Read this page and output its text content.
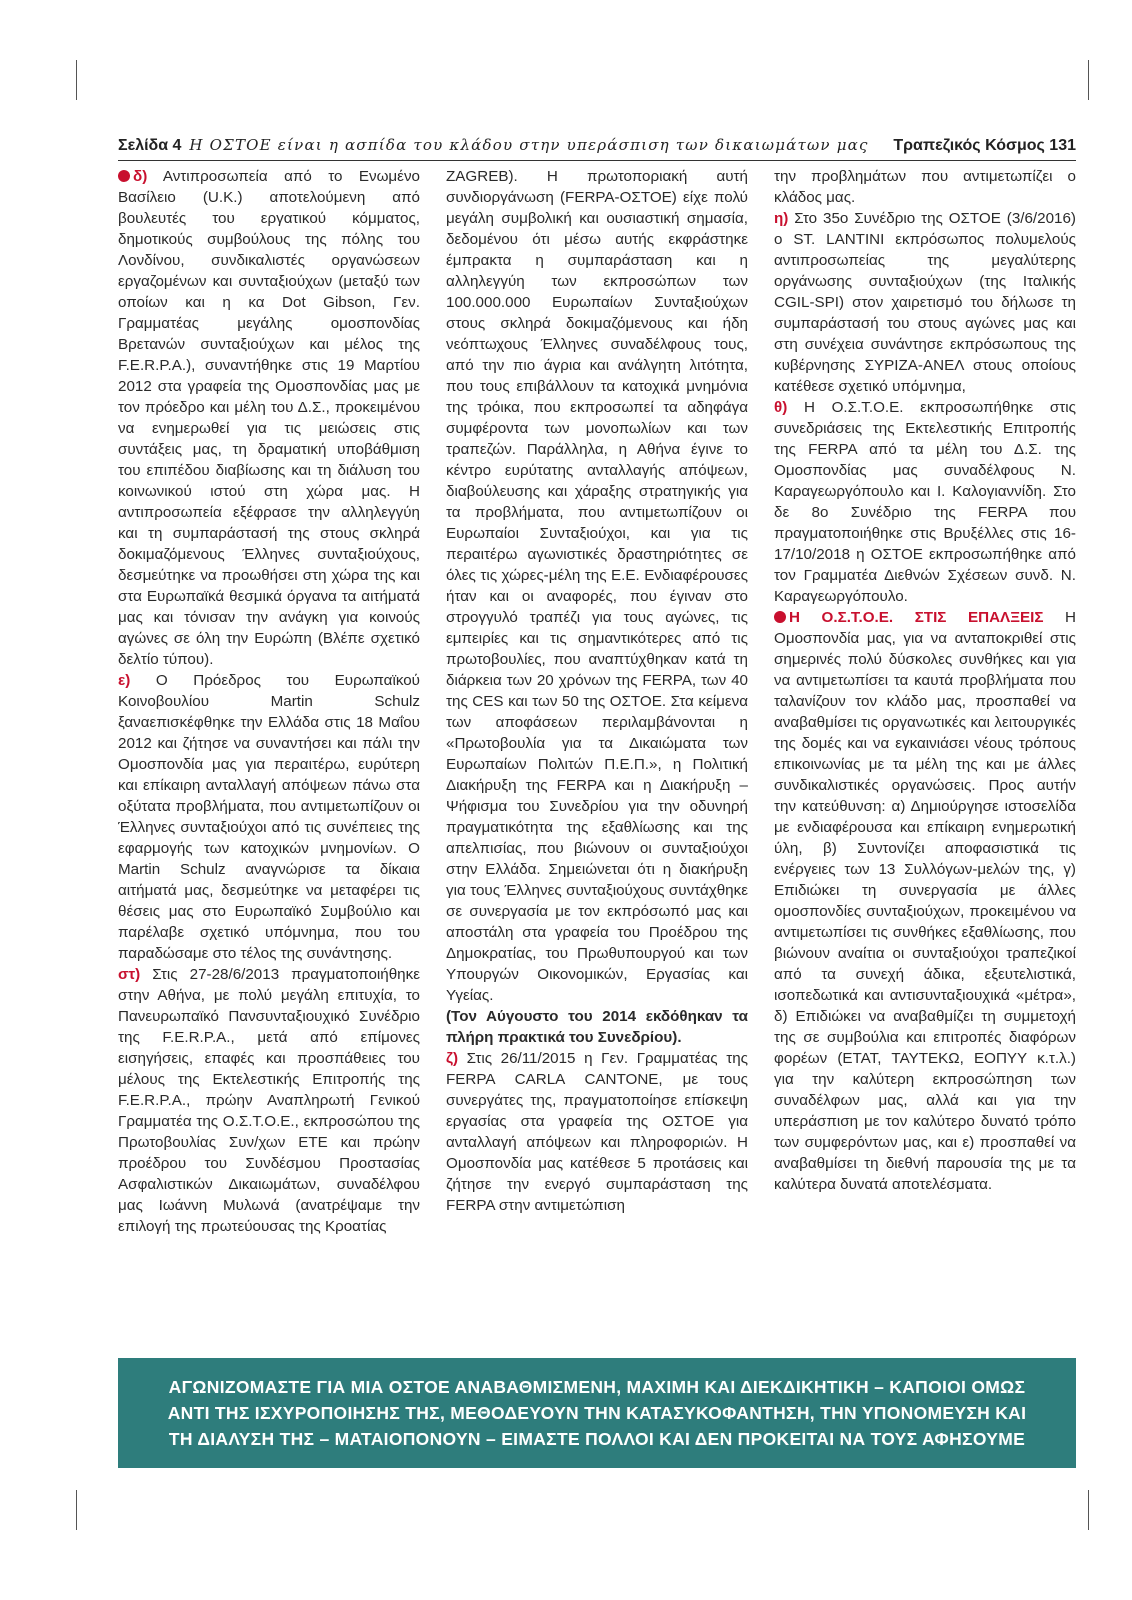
Σελίδα 4 Η ΟΣΤΟΕ είναι η ασπίδα του κλάδου στην υπεράσπιση των δικαιωμάτων μας	Τραπεζικός Κόσμος 131

δ) Αντιπροσωπεία από το Ενωμένο Βασίλειο (U.K.) αποτελούμενη από βουλευτές του εργατικού κόμματος, δημοτικούς συμβούλους της πόλης του Λονδίνου, συνδικαλιστές οργανώσεων εργαζομένων και συνταξιούχων (μεταξύ των οποίων και η κα Dot Gibson, Γεν. Γραμματέας μεγάλης ομοσπονδίας Βρετανών συνταξιούχων και μέλος της F.E.R.P.A.), συναντήθηκε στις 19 Μαρτίου 2012 στα γραφεία της Ομοσπονδίας μας με τον πρόεδρο και μέλη του Δ.Σ., προκειμένου να ενημερωθεί για τις μειώσεις στις συντάξεις μας, τη δραματική υποβάθμιση του επιπέδου διαβίωσης και τη διάλυση του κοινωνικού ιστού στη χώρα μας. Η αντιπροσωπεία εξέφρασε την αλληλεγγύη και τη συμπαράστασή της στους σκληρά δοκιμαζόμενους Έλληνες συνταξιούχους, δεσμεύτηκε να προωθήσει στη χώρα της και στα Ευρωπαϊκά θεσμικά όργανα τα αιτήματά μας και τόνισαν την ανάγκη για κοινούς αγώνες σε όλη την Ευρώπη (Βλέπε σχετικό δελτίο τύπου).

ε) Ο Πρόεδρος του Ευρωπαϊκού Κοινοβουλίου Martin Schulz ξαναεπισκέφθηκε την Ελλάδα στις 18 Μαΐου 2012 και ζήτησε να συναντήσει και πάλι την Ομοσπονδία μας για περαιτέρω, ευρύτερη και επίκαιρη ανταλλαγή απόψεων πάνω στα οξύτατα προβλήματα, που αντιμετωπίζουν οι Έλληνες συνταξιούχοι από τις συνέπειες της εφαρμογής των κατοχικών μνημονίων. Ο Martin Schulz αναγνώρισε τα δίκαια αιτήματά μας, δεσμεύτηκε να μεταφέρει τις θέσεις μας στο Ευρωπαϊκό Συμβούλιο και παρέλαβε σχετικό υπόμνημα, που του παραδώσαμε στο τέλος της συνάντησης.

στ) Στις 27-28/6/2013 πραγματοποιήθηκε στην Αθήνα, με πολύ μεγάλη επιτυχία, το Πανευρωπαϊκό Πανσυνταξιουχικό Συνέδριο της F.E.R.P.A., μετά από επίμονες εισηγήσεις, επαφές και προσπάθειες του μέλους της Εκτελεστικής Επιτροπής της F.E.R.P.A., πρώην Αναπληρωτή Γενικού Γραμματέα της Ο.Σ.Τ.Ο.Ε., εκπροσώπου της Πρωτοβουλίας Συν/χων ΕΤΕ και πρώην προέδρου του Συνδέσμου Προστασίας Ασφαλιστικών Δικαιωμάτων, συναδέλφου μας Ιωάννη Μυλωνά (ανατρέψαμε την επιλογή της πρωτεύουσας της Κροατίας

ZAGREB). Η πρωτοποριακή αυτή συνδιοργάνωση (FERPA-ΟΣΤΟΕ) είχε πολύ μεγάλη συμβολική και ουσιαστική σημασία, δεδομένου ότι μέσω αυτής εκφράστηκε έμπρακτα η συμπαράσταση και η αλληλεγγύη των εκπροσώπων των 100.000.000 Ευρωπαίων Συνταξιούχων στους σκληρά δοκιμαζόμενους και ήδη νεόπτωχους Έλληνες συναδέλφους τους, από την πιο άγρια και ανάλγητη λιτότητα, που τους επιβάλλουν τα κατοχικά μνημόνια της τρόικα, που εκπροσωπεί τα αδηφάγα συμφέροντα των μονοπωλίων και των τραπεζών. Παράλληλα, η Αθήνα έγινε το κέντρο ευρύτατης ανταλλαγής απόψεων, διαβούλευσης και χάραξης στρατηγικής για τα προβλήματα, που αντιμετωπίζουν οι Ευρωπαίοι Συνταξιούχοι, και για τις περαιτέρω αγωνιστικές δραστηριότητες σε όλες τις χώρες-μέλη της Ε.Ε. Ενδιαφέρουσες ήταν και οι αναφορές, που έγιναν στο στρογγυλό τραπέζι για τους αγώνες, τις εμπειρίες και τις σημαντικότερες από τις πρωτοβουλίες, που αναπτύχθηκαν κατά τη διάρκεια των 20 χρόνων της FERPA, των 40 της CES και των 50 της ΟΣΤΟΕ. Στα κείμενα των αποφάσεων περιλαμβάνονται η «Πρωτοβουλία για τα Δικαιώματα των Ευρωπαίων Πολιτών Π.Ε.Π.», η Πολιτική Διακήρυξη της FERPA και η Διακήρυξη – Ψήφισμα του Συνεδρίου για την οδυνηρή πραγματικότητα της εξαθλίωσης και της απελπισίας, που βιώνουν οι συνταξιούχοι στην Ελλάδα. Σημειώνεται ότι η διακήρυξη για τους Έλληνες συνταξιούχους συντάχθηκε σε συνεργασία με τον εκπρόσωπό μας και αποστάλη στα γραφεία του Προέδρου της Δημοκρατίας, του Πρωθυπουργού και των Υπουργών Οικονομικών, Εργασίας και Υγείας.

(Τον Αύγουστο του 2014 εκδόθηκαν τα πλήρη πρακτικά του Συνεδρίου).

ζ) Στις 26/11/2015 η Γεν. Γραμματέας της FERPA CARLA CANTONE, με τους συνεργάτες της, πραγματοποίησε επίσκεψη εργασίας στα γραφεία της ΟΣΤΟΕ για ανταλλαγή απόψεων και πληροφοριών. Η Ομοσπονδία μας κατέθεσε 5 προτάσεις και ζήτησε την ενεργό συμπαράσταση της FERPA στην αντιμετώπιση

την προβλημάτων που αντιμετωπίζει ο κλάδος μας.

η) Στο 35ο Συνέδριο της ΟΣΤΟΕ (3/6/2016) ο ST. LANTINI εκπρόσωπος πολυμελούς αντιπροσωπείας της μεγαλύτερης οργάνωσης συνταξιούχων (της Ιταλικής CGIL-SPI) στον χαιρετισμό του δήλωσε τη συμπαράστασή του στους αγώνες μας και στη συνέχεια συνάντησε εκπρόσωπους της κυβέρνησης ΣΥΡΙΖΑ-ΑΝΕΛ στους οποίους κατέθεσε σχετικό υπόμνημα,

θ) Η Ο.Σ.Τ.Ο.Ε. εκπροσωπήθηκε στις συνεδριάσεις της Εκτελεστικής Επιτροπής της FERPA από τα μέλη του Δ.Σ. της Ομοσπονδίας μας συναδέλφους Ν. Καραγεωργόπουλο και Ι. Καλογιαννίδη. Στο δε 8ο Συνέδριο της FERPA που πραγματοποιήθηκε στις Βρυξέλλες στις 16-17/10/2018 η ΟΣΤΟΕ εκπροσωπήθηκε από τον Γραμματέα Διεθνών Σχέσεων συνδ. Ν. Καραγεωργόπουλο.

Η Ο.Σ.Τ.Ο.Ε. ΣΤΙΣ ΕΠΑΛΞΕΙΣ Η Ομοσπονδία μας, για να ανταποκριθεί στις σημερινές πολύ δύσκολες συνθήκες και για να αντιμετωπίσει τα καυτά προβλήματα που ταλανίζουν τον κλάδο μας, προσπαθεί να αναβαθμίσει τις οργανωτικές και λειτουργικές της δομές και να εγκαινιάσει νέους τρόπους επικοινωνίας με τα μέλη της και με άλλες συνδικαλιστικές οργανώσεις. Προς αυτήν την κατεύθυνση: α) Δημιούργησε ιστοσελίδα με ενδιαφέρουσα και επίκαιρη ενημερωτική ύλη, β) Συντονίζει αποφασιστικά τις ενέργειες των 13 Συλλόγων-μελών της, γ) Επιδιώκει τη συνεργασία με άλλες ομοσπονδίες συνταξιούχων, προκειμένου να αντιμετωπίσει τις συνθήκες εξαθλίωσης, που βιώνουν αναίτια οι συνταξιούχοι τραπεζικοί από τα συνεχή άδικα, εξευτελιστικά, ισοπεδωτικά και αντισυνταξιουχικά «μέτρα», δ) Επιδιώκει να αναβαθμίζει τη συμμετοχή της σε συμβούλια και επιτροπές διαφόρων φορέων (ΕΤΑΤ, ΤΑΥΤΕΚΩ, ΕΟΠΥΥ κ.τ.λ.) για την καλύτερη εκπροσώπηση των συναδέλφων μας, αλλά και για την υπεράσπιση με τον καλύτερο δυνατό τρόπο των συμφερόντων μας, και ε) προσπαθεί να αναβαθμίσει τη διεθνή παρουσία της με τα καλύτερα δυνατά αποτελέσματα.

ΑΓΩΝΙΖΟΜΑΣΤΕ ΓΙΑ ΜΙΑ ΟΣΤΟΕ ΑΝΑΒΑΘΜΙΣΜΕΝΗ, ΜΑΧΙΜΗ ΚΑΙ ΔΙΕΚΔΙΚΗΤΙΚΗ – ΚΑΠΟΙΟΙ ΟΜΩΣ
ΑΝΤΙ ΤΗΣ ΙΣΧΥΡΟΠΟΙΗΣΗΣ ΤΗΣ, ΜΕΘΟΔΕΥΟΥΝ ΤΗΝ ΚΑΤΑΣΥΚΟΦΑΝΤΗΣΗ, ΤΗΝ ΥΠΟΝΟΜΕΥΣΗ ΚΑΙ
ΤΗ ΔΙΑΛΥΣΗ ΤΗΣ – ΜΑΤΑΙΟΠΟΝΟΥΝ – ΕΙΜΑΣΤΕ ΠΟΛΛΟΙ ΚΑΙ ΔΕΝ ΠΡΟΚΕΙΤΑΙ ΝΑ ΤΟΥΣ ΑΦΗΣΟΥΜΕ
